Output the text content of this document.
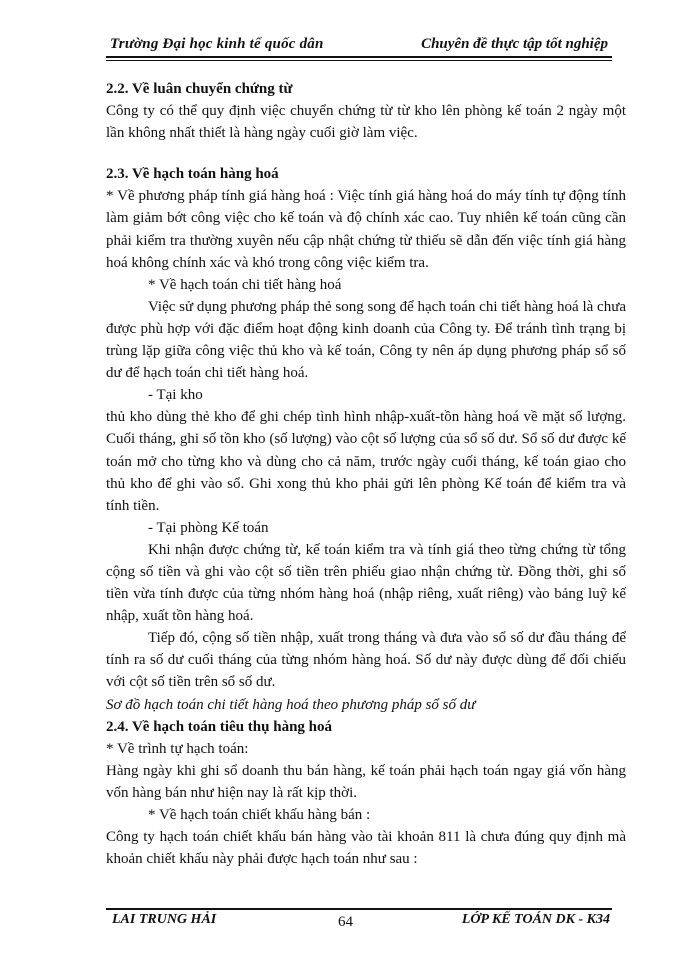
Trường Đại học kinh tế quốc dân	Chuyên đề thực tập tốt nghiệp

2.2. Về luân chuyển chứng từ

Công ty có thể quy định việc chuyển chứng từ từ kho lên phòng kế toán 2 ngày một lần không nhất thiết là hàng ngày cuối giờ làm việc.

2.3. Về hạch toán hàng hoá

* Về phương pháp tính giá hàng hoá : Việc tính giá hàng hoá do máy tính tự động tính làm giảm bớt công việc cho kế toán và độ chính xác cao. Tuy nhiên kế toán cũng cần phải kiểm tra thường xuyên nếu cập nhật chứng từ thiếu sẽ dẫn đến việc tính giá hàng hoá không chính xác và khó trong công việc kiểm tra.

* Về hạch toán chi tiết hàng hoá

Việc sử dụng phương pháp thẻ song song để hạch toán chi tiết hàng hoá là chưa được phù hợp với đặc điểm hoạt động kinh doanh của Công ty. Để tránh tình trạng bị trùng lặp giữa công việc thủ kho và kế toán, Công ty nên áp dụng phương pháp sổ số dư để hạch toán chi tiết hàng hoá.

- Tại kho

thủ kho dùng thẻ kho để ghi chép tình hình nhập-xuất-tồn hàng hoá về mặt số lượng. Cuối tháng, ghi số tồn kho (số lượng) vào cột số lượng của sổ số dư. Sổ số dư được kế toán mở cho từng kho và dùng cho cả năm, trước ngày cuối tháng, kế toán giao cho thủ kho để ghi vào sổ. Ghi xong thủ kho phải gửi lên phòng Kế toán để kiểm tra và tính tiền.

- Tại phòng Kế toán

Khi nhận được chứng từ, kế toán kiểm tra và tính giá theo từng chứng từ tổng cộng số tiền và ghi vào cột số tiền trên phiếu giao nhận chứng từ. Đồng thời, ghi số tiền vừa tính được của từng nhóm hàng hoá (nhập riêng, xuất riêng) vào bảng luỹ kế nhập, xuất tồn hàng hoá.

Tiếp đó, cộng số tiền nhập, xuất trong tháng và đưa vào sổ số dư đầu tháng để tính ra số dư cuối tháng của từng nhóm hàng hoá. Số dư này được dùng để đối chiếu với cột số tiền trên sổ số dư.

Sơ đồ hạch toán chi tiết hàng hoá theo phương pháp sổ số dư

2.4. Về hạch toán tiêu thụ hàng hoá

* Về trình tự hạch toán:

Hàng ngày khi ghi sổ doanh thu bán hàng, kế toán phải hạch toán ngay giá vốn hàng vốn hàng bán như hiện nay là rất kịp thời.

* Về hạch toán chiết khấu hàng bán :

Công ty hạch toán chiết khấu bán hàng vào tài khoản 811 là chưa đúng quy định mà khoản chiết khấu này phải được hạch toán như sau :

LAI TRUNG HẢI	64	LỚP KẾ TOÁN DK - K34
